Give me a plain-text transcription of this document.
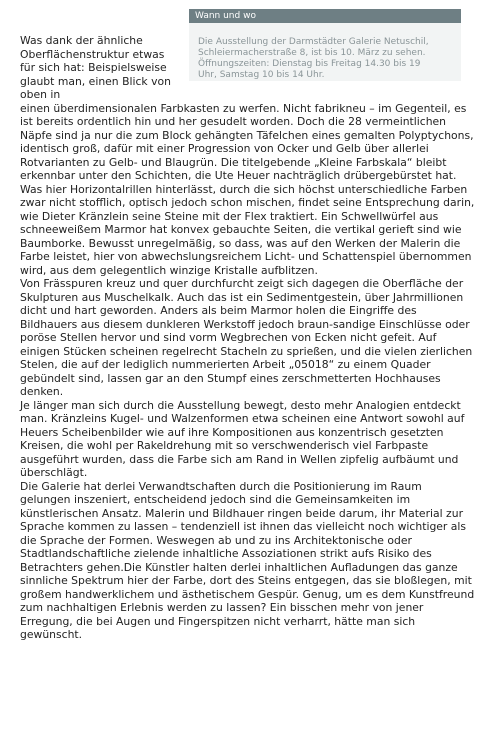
Wann und wo
Die Ausstellung der Darmstädter Galerie Netuschil,
Schleiermacherstraße 8, ist bis 10. März zu sehen.
Öffnungszeiten: Dienstag bis Freitag 14.30 bis 19
Uhr, Samstag 10 bis 14 Uhr.

Was dank der ähnliche Oberflächenstruktur etwas für sich hat: Beispielsweise glaubt man, einen Blick von oben in

einen überdimensionalen Farbkasten zu werfen. Nicht fabrikneu – im Gegenteil, es ist bereits ordentlich hin und her gesudelt worden. Doch die 28 vermeintlichen Näpfe sind ja nur die zum Block gehängten Täfelchen eines gemalten Polyptychons, identisch groß, dafür mit einer Progression von Ocker und Gelb über allerlei Rotvarianten zu Gelb- und Blaugrün. Die titelgebende „Kleine Farbskala“ bleibt erkennbar unter den Schichten, die Ute Heuer nachträglich drübergebürstet hat.

Was hier Horizontalrillen hinterlässt, durch die sich höchst unterschiedliche Farben zwar nicht stofflich, optisch jedoch schon mischen, findet seine Entsprechung darin, wie Dieter Kränzlein seine Steine mit der Flex traktiert. Ein Schwellwürfel aus schneeweißem Marmor hat konvex gebauchte Seiten, die vertikal gerieft sind wie Baumborke. Bewusst unregelmäßig, so dass, was auf den Werken der Malerin die Farbe leistet, hier von abwechslungsreichem Licht- und Schattenspiel übernommen wird, aus dem gelegentlich winzige Kristalle aufblitzen.

Von Frässpuren kreuz und quer durchfurcht zeigt sich dagegen die Oberfläche der Skulpturen aus Muschelkalk. Auch das ist ein Sedimentgestein, über Jahrmillionen dicht und hart geworden. Anders als beim Marmor holen die Eingriffe des Bildhauers aus diesem dunkleren Werkstoff jedoch braun-sandige Einschlüsse oder poröse Stellen hervor und sind vorm Wegbrechen von Ecken nicht gefeit. Auf einigen Stücken scheinen regelrecht Stacheln zu sprießen, und die vielen zierlichen Stelen, die auf der lediglich nummerierten Arbeit „05018“ zu einem Quader gebündelt sind, lassen gar an den Stumpf eines zerschmetterten Hochhauses denken.

Je länger man sich durch die Ausstellung bewegt, desto mehr Analogien entdeckt man. Kränzleins Kugel- und Walzenformen etwa scheinen eine Antwort sowohl auf Heuers Scheibenbilder wie auf ihre Kompositionen aus konzentrisch gesetzten Kreisen, die wohl per Rakeldrehung mit so verschwenderisch viel Farbpaste ausgeführt wurden, dass die Farbe sich am Rand in Wellen zipfelig aufbäumt und überschlägt.

Die Galerie hat derlei Verwandtschaften durch die Positionierung im Raum gelungen inszeniert, entscheidend jedoch sind die Gemeinsamkeiten im künstlerischen Ansatz. Malerin und Bildhauer ringen beide darum, ihr Material zur Sprache kommen zu lassen – tendenziell ist ihnen das vielleicht noch wichtiger als die Sprache der Formen. Weswegen ab und zu ins Architektonische oder Stadtlandschaftliche zielende inhaltliche Assoziationen strikt aufs Risiko des Betrachters gehen.Die Künstler halten derlei inhaltlichen Aufladungen das ganze sinnliche Spektrum hier der Farbe, dort des Steins entgegen, das sie bloßlegen, mit großem handwerklichem und ästhetischem Gespür. Genug, um es dem Kunstfreund zum nachhaltigen Erlebnis werden zu lassen? Ein bisschen mehr von jener Erregung, die bei Augen und Fingerspitzen nicht verharrt, hätte man sich gewünscht.
